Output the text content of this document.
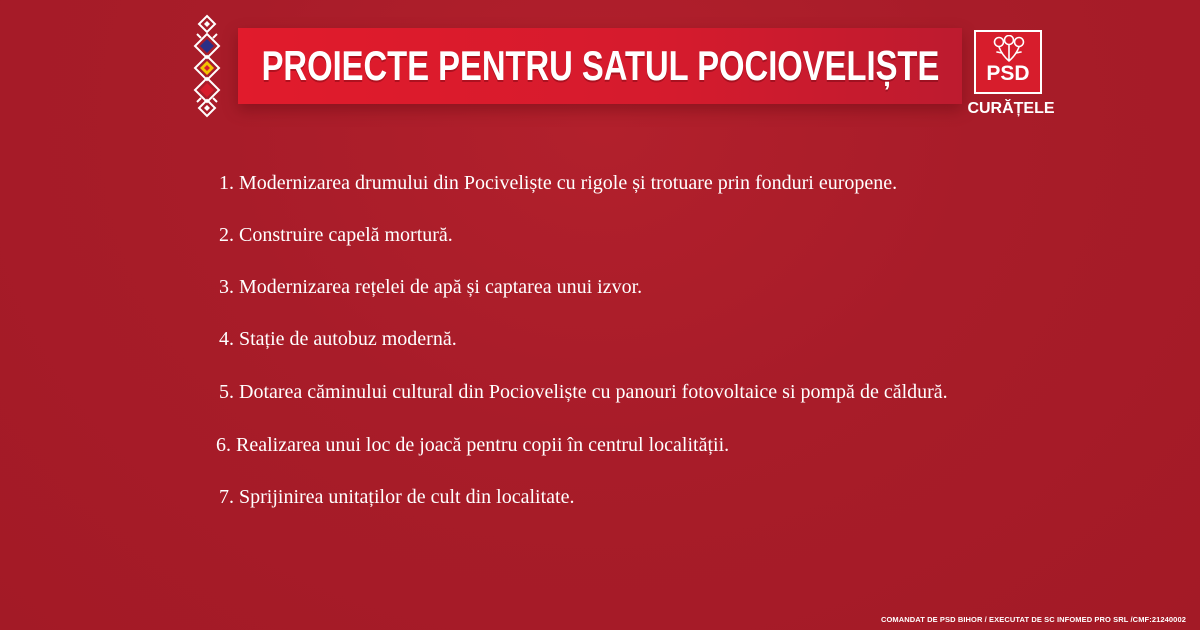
PROIECTE PENTRU SATUL POCIOVELIȘTE	PSD
CURĂȚELE
1. Modernizarea drumului din Pociveliște cu rigole și trotuare prin fonduri europene.
2. Construire capelă mortură.
3. Modernizarea rețelei de apă și captarea unui izvor.
4. Stație de autobuz modernă.
5. Dotarea căminului cultural din Pocioveliște cu panouri fotovoltaice si pompă de căldură.
6. Realizarea unui loc de joacă pentru copii în centrul localității.
7. Sprijinirea unitaților de cult din localitate.
COMANDAT DE PSD BIHOR / EXECUTAT DE SC INFOMED PRO SRL /CMF:21240002
